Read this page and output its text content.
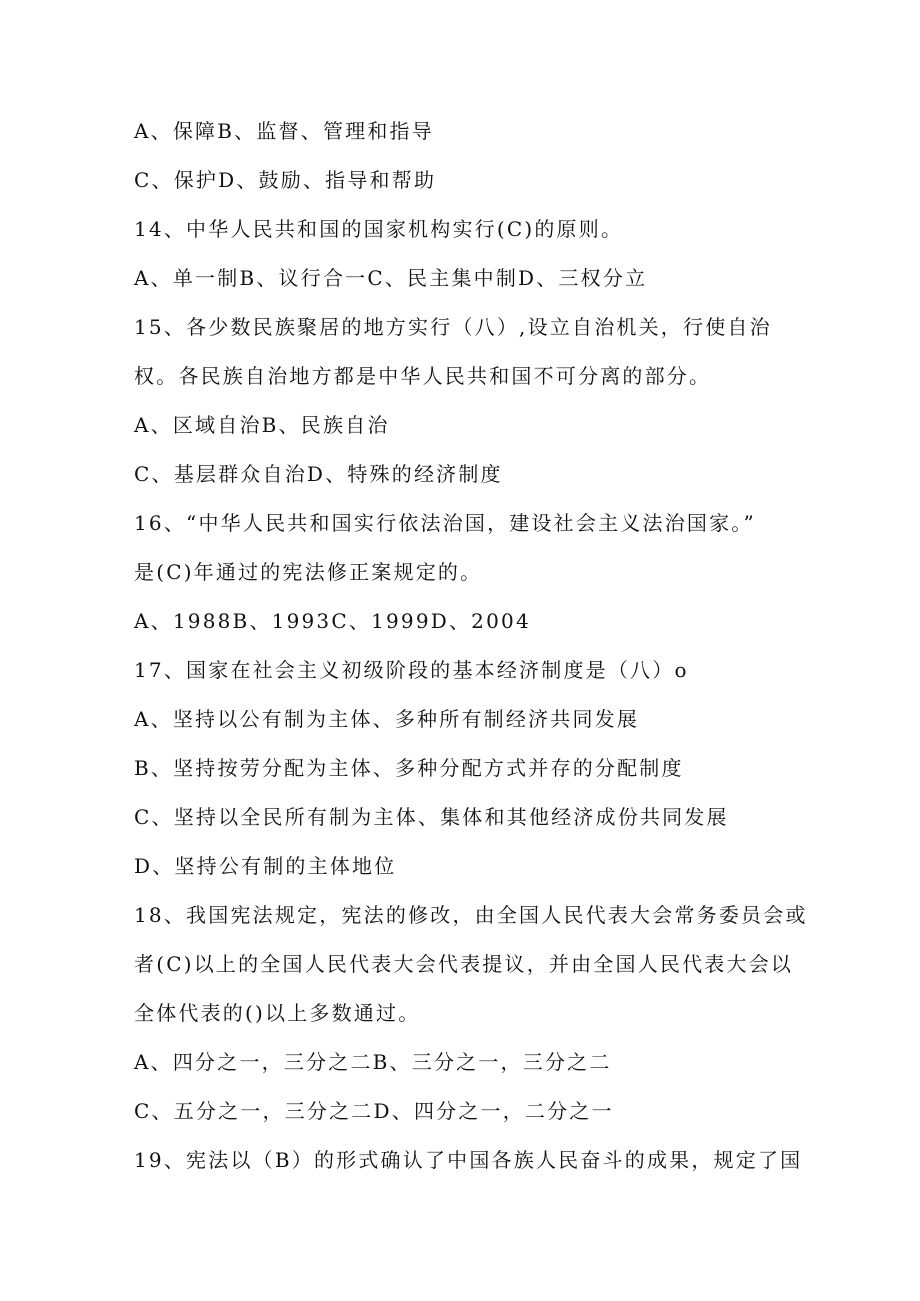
A、保障B、监督、管理和指导
C、保护D、鼓励、指导和帮助
14、中华人民共和国的国家机构实行(C)的原则。
A、单一制B、议行合一C、民主集中制D、三权分立
15、各少数民族聚居的地方实行（八）,设立自治机关，行使自治
权。各民族自治地方都是中华人民共和国不可分离的部分。
A、区域自治B、民族自治
C、基层群众自治D、特殊的经济制度
16、“中华人民共和国实行依法治国，建设社会主义法治国家。”
是(C)年通过的宪法修正案规定的。
A、1988B、1993C、1999D、2004
17、国家在社会主义初级阶段的基本经济制度是（八）o
A、坚持以公有制为主体、多种所有制经济共同发展
B、坚持按劳分配为主体、多种分配方式并存的分配制度
C、坚持以全民所有制为主体、集体和其他经济成份共同发展
D、坚持公有制的主体地位
18、我国宪法规定，宪法的修改，由全国人民代表大会常务委员会或
者(C)以上的全国人民代表大会代表提议，并由全国人民代表大会以
全体代表的()以上多数通过。
A、四分之一，三分之二B、三分之一，三分之二
C、五分之一，三分之二D、四分之一，二分之一
19、宪法以（B）的形式确认了中国各族人民奋斗的成果，规定了国
